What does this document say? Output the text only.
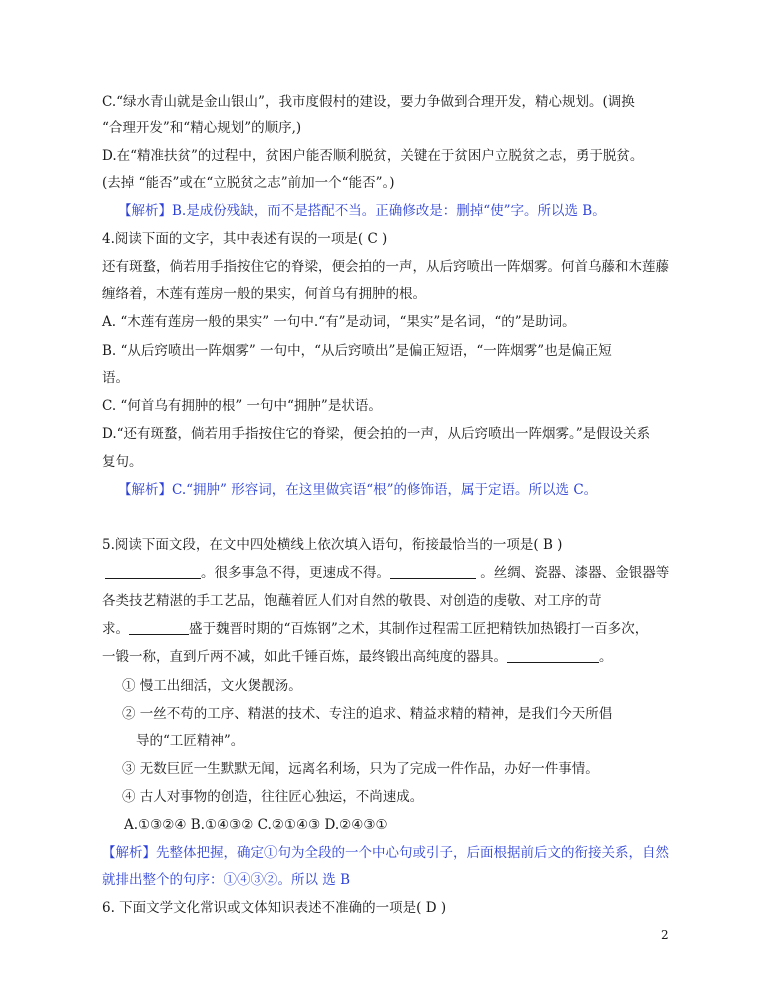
C.“绿水青山就是金山银山”，我市度假村的建设，要力争做到合理开发，精心规划。(调换
“合理开发”和“精心规划”的顺序,)
D.在“精准扶贫”的过程中，贫困户能否顺利脱贫，关键在于贫困户立脱贫之志，勇于脱贫。
(去掉 “能否”或在“立脱贫之志”前加一个“能否”。)
【解析】B.是成份残缺，而不是搭配不当。正确修改是：删掉“使”字。所以选 B。
4.阅读下面的文字，其中表述有误的一项是( C )
还有斑蝥，倘若用手指按住它的脊梁，便会拍的一声，从后窍喷出一阵烟雾。何首乌藤和木莲藤
缠络着，木莲有莲房一般的果实，何首乌有拥肿的根。
A. “木莲有莲房一般的果实” 一句中.“有”是动词，“果实”是名词，“的”是助词。
B. “从后窍喷出一阵烟雾” 一句中，“从后窍喷出”是偏正短语，“一阵烟雾”也是偏正短
语。
C. “何首乌有拥肿的根” 一句中“拥肿”是状语。
D.“还有斑蝥，倘若用手指按住它的脊梁，便会拍的一声，从后窍喷出一阵烟雾。”是假设关系
复句。
【解析】C.“拥肿” 形容词，在这里做宾语“根”的修饰语，属于定语。所以选 C。
5.阅读下面文段，在文中四处横线上依次填入语句，衔接最恰当的一项是( B )
。很多事急不得，更速成不得。	。丝绸、瓷器、漆器、金银器等
各类技艺精湛的手工艺品，饱蘸着匠人们对自然的敬畏、对创造的虔敬、对工序的苛
求。	盛于魏晋时期的“百炼钢”之术，其制作过程需工匠把精铁加热锻打一百多次，
一锻一称，直到斤两不减，如此千锤百炼，最终锻出高纯度的器具。	。
① 慢工出细活，文火煲靓汤。
② 一丝不苟的工序、精湛的技术、专注的追求、精益求精的精神，是我们今天所倡
导的“工匠精神”。
③ 无数巨匠一生默默无闻，远离名利场，只为了完成一件作品，办好一件事情。
④ 古人对事物的创造，往往匠心独运，不尚速成。
A.①③②④ B.①④③② C.②①④③ D.②④③①
【解析】先整体把握，确定①句为全段的一个中心句或引子，后面根据前后文的衔接关系，自然
就排出整个的句序：①④③②。所以 选 B
6. 下面文学文化常识或文体知识表述不准确的一项是( D )
2
